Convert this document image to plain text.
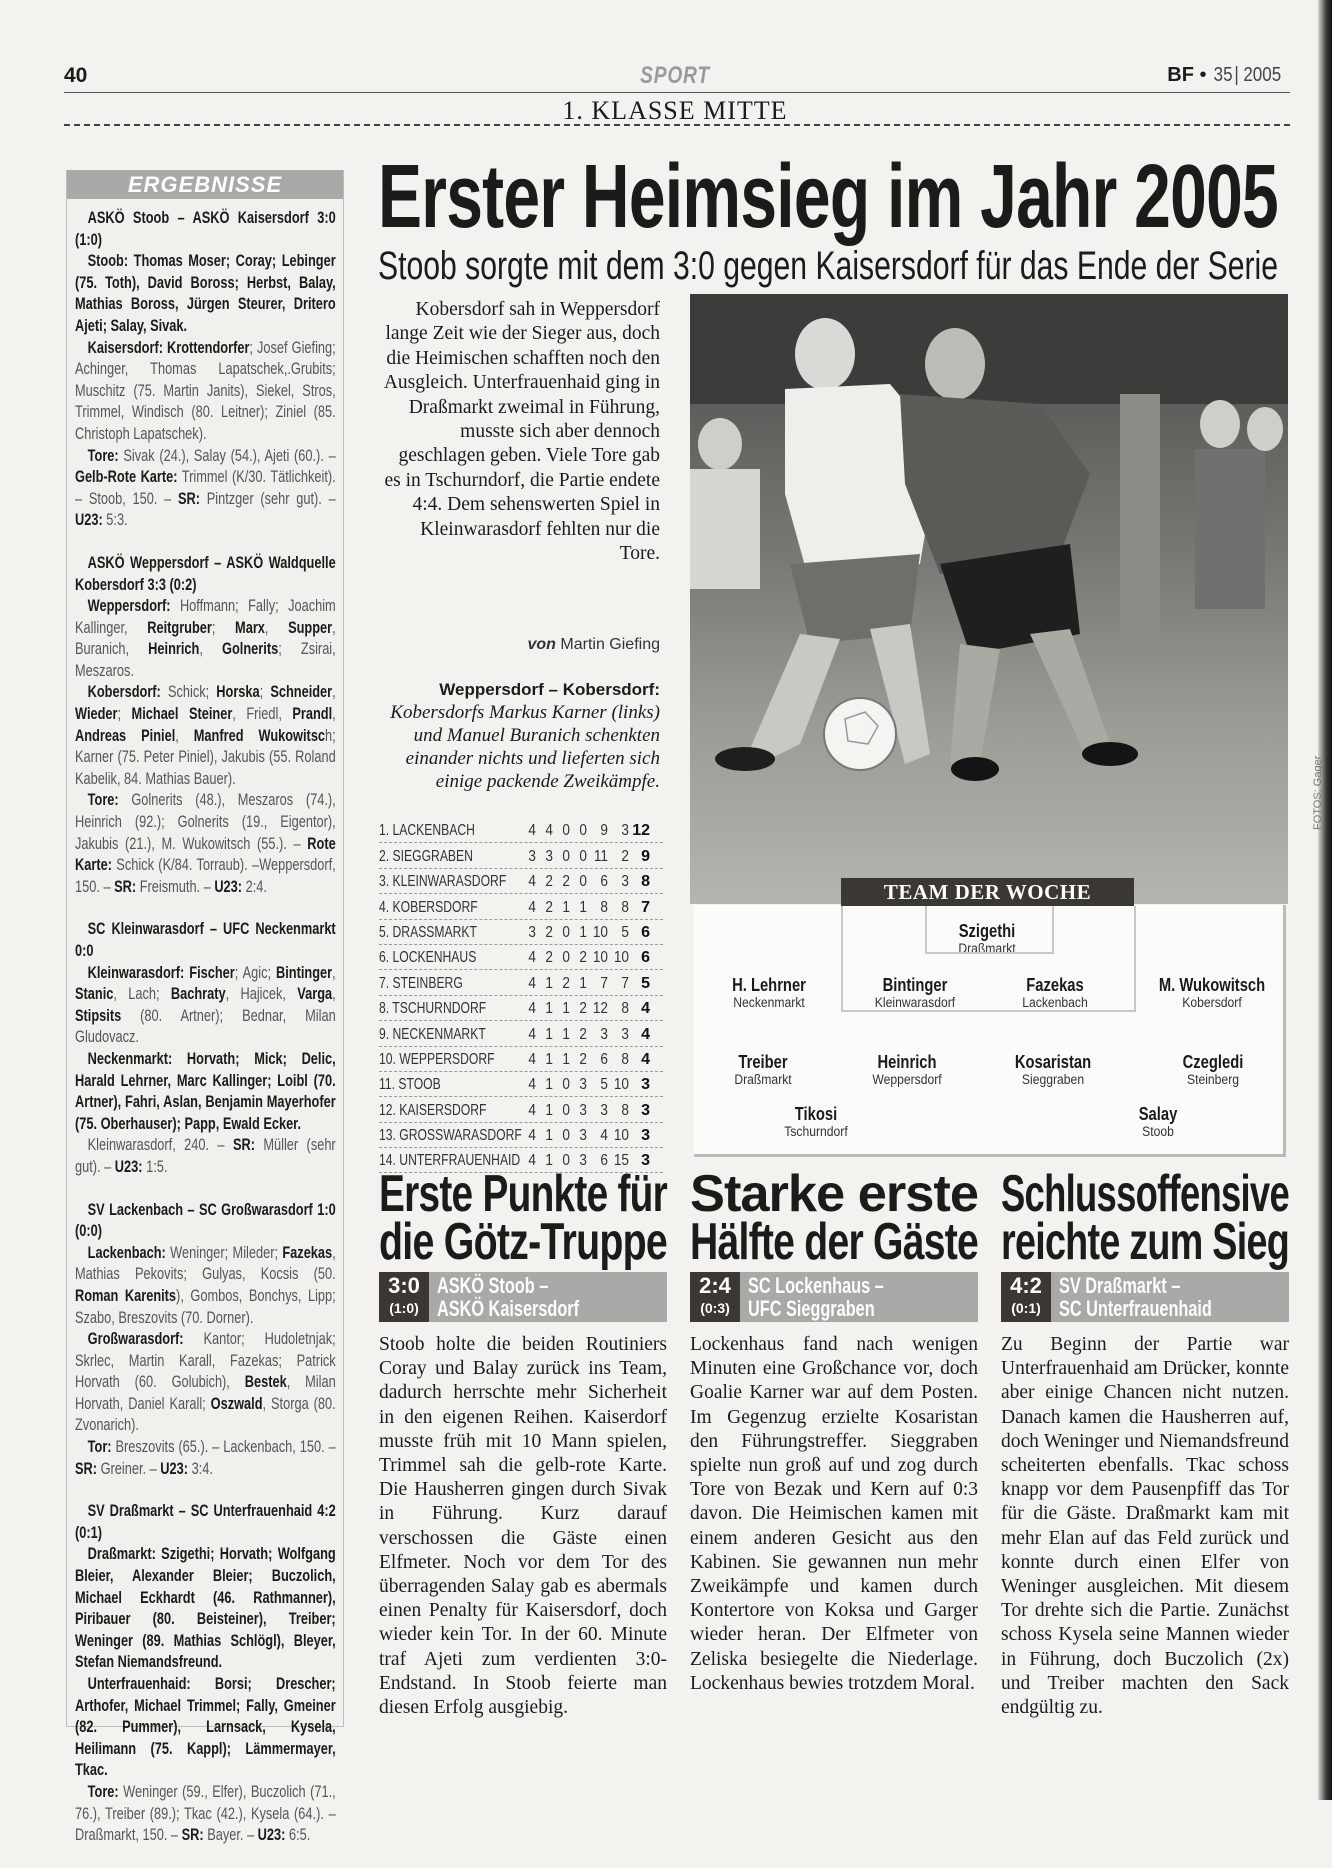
40	SPORT	BF • 35 | 2005
1. KLASSE MITTE
ERGEBNISSE

ASKÖ Stoob – ASKÖ Kaisersdorf 3:0 (1:0)

Stoob: Thomas Moser; Coray; Lebinger (75. Toth), David Boross; Herbst, Balay, Mathias Boross, Jürgen Steurer, Dritero Ajeti; Salay, Sivak.

Kaisersdorf: Krottendorfer; Josef Giefing; Achinger, Thomas Lapatschek,.Grubits; Muschitz (75. Martin Janits), Siekel, Stros, Trimmel, Windisch (80. Leitner); Ziniel (85. Christoph Lapatschek).

Tore: Sivak (24.), Salay (54.), Ajeti (60.). – Gelb-Rote Karte: Trimmel (K/30. Tätlichkeit). – Stoob, 150. – SR: Pintzger (sehr gut). – U23: 5:3.

ASKÖ Weppersdorf – ASKÖ Waldquelle Kobersdorf 3:3 (0:2)

Weppersdorf: Hoffmann; Fally; Joachim Kallinger, Reitgruber; Marx, Supper, Buranich, Heinrich, Golnerits; Zsirai, Meszaros.

Kobersdorf: Schick; Horska; Schneider, Wieder; Michael Steiner, Friedl, Prandl, Andreas Piniel, Manfred Wukowitsch; Karner (75. Peter Piniel), Jakubis (55. Roland Kabelik, 84. Mathias Bauer).

Tore: Golnerits (48.), Meszaros (74.), Heinrich (92.); Golnerits (19., Eigentor), Jakubis (21.), M. Wukowitsch (55.). – Rote Karte: Schick (K/84. Torraub). –Weppersdorf, 150. – SR: Freismuth. – U23: 2:4.

SC Kleinwarasdorf – UFC Neckenmarkt 0:0

Kleinwarasdorf: Fischer; Agic; Bintinger, Stanic, Lach; Bachraty, Hajicek, Varga, Stipsits (80. Artner); Bednar, Milan Gludovacz.

Neckenmarkt: Horvath; Mick; Delic, Harald Lehrner, Marc Kallinger; Loibl (70. Artner), Fahri, Aslan, Benjamin Mayerhofer (75. Oberhauser); Papp, Ewald Ecker.

Kleinwarasdorf, 240. – SR: Müller (sehr gut). – U23: 1:5.

SV Lackenbach – SC Großwarasdorf 1:0 (0:0)

Lackenbach: Weninger; Mileder; Fazekas, Mathias Pekovits; Gulyas, Kocsis (50. Roman Karenits), Gombos, Bonchys, Lipp; Szabo, Breszovits (70. Dorner).

Großwarasdorf: Kantor; Hudoletnjak; Skrlec, Martin Karall, Fazekas; Patrick Horvath (60. Golubich), Bestek, Milan Horvath, Daniel Karall; Oszwald, Storga (80. Zvonarich).

Tor: Breszovits (65.). – Lackenbach, 150. – SR: Greiner. – U23: 3:4.

SV Draßmarkt – SC Unterfrauenhaid 4:2 (0:1)

Draßmarkt: Szigethi; Horvath; Wolfgang Bleier, Alexander Bleier; Buczolich, Michael Eckhardt (46. Rathmanner), Piribauer (80. Beisteiner), Treiber; Weninger (89. Mathias Schlögl), Bleyer, Stefan Niemandsfreund.

Unterfrauenhaid: Borsi; Drescher; Arthofer, Michael Trimmel; Fally, Gmeiner (82. Pummer), Larnsack, Kysela, Heilimann (75. Kappl); Lämmermayer, Tkac.

Tore: Weninger (59., Elfer), Buczolich (71., 76.), Treiber (89.); Tkac (42.), Kysela (64.). – Draßmarkt, 150. – SR: Bayer. – U23: 6:5.

Erster Heimsieg im Jahr 2005
Stoob sorgte mit dem 3:0 gegen Kaisersdorf für das Ende der Serie
Kobersdorf sah in Weppersdorf lange Zeit wie der Sieger aus, doch die Heimischen schafften noch den Ausgleich. Unterfrauenhaid ging in Draßmarkt zweimal in Führung, musste sich aber dennoch geschlagen geben. Viele Tore gab es in Tschurndorf, die Partie endete 4:4. Dem sehenswerten Spiel in Kleinwarasdorf fehlten nur die Tore.
von Martin Giefing
Weppersdorf – Kobersdorf: Kobersdorfs Markus Karner (links) und Manuel Buranich schenkten einander nichts und lieferten sich einige packende Zweikämpfe.
1. LACKENBACH	4 4 0 0 9 3 12
2. SIEGGRABEN	3 3 0 0 11 2 9
3. KLEINWARASDORF	4 2 2 0 6 3 8
4. KOBERSDORF	4 2 1 1 8 8 7
5. DRASSMARKT	3 2 0 1 10 5 6
6. LOCKENHAUS	4 2 0 2 10 10 6
7. STEINBERG	4 1 2 1 7 7 5
8. TSCHURNDORF	4 1 1 2 12 8 4
9. NECKENMARKT	4 1 1 2 3 3 4
10. WEPPERSDORF	4 1 1 2 6 8 4
11. STOOB	4 1 0 3 5 10 3
12. KAISERSDORF	4 1 0 3 3 8 3
13. GROSSWARASDORF 4 1 0 3 4 10 3
14. UNTERFRAUENHAID 4 1 0 3 6 15 3
FOTOS: Gager
Szigethi
Draßmarkt
H. Lehrner
Neckenmarkt
Bintinger
Kleinwarasdorf
Fazekas
Lackenbach
M. Wukowitsch
Kobersdorf
Treiber
Draßmarkt
Heinrich
Weppersdorf
Kosaristan
Sieggraben
Czegledi
Steinberg
Tikosi
Tschurndorf
Salay
Stoob
TEAM DER WOCHE
Erste Punkte für
die Götz-Truppe
3:0
(1:0)
ASKÖ Stoob –
ASKÖ Kaisersdorf
Stoob holte die beiden Routiniers Coray und Balay zurück ins Team, dadurch herrschte mehr Sicherheit in den eigenen Reihen. Kaiserdorf musste früh mit 10 Mann spielen, Trimmel sah die gelb-rote Karte. Die Hausherren gingen durch Sivak in Führung. Kurz darauf verschossen die Gäste einen Elfmeter. Noch vor dem Tor des überragenden Salay gab es abermals einen Penalty für Kaisersdorf, doch wieder kein Tor. In der 60. Minute traf Ajeti zum verdienten 3:0-Endstand. In Stoob feierte man diesen Erfolg ausgiebig.
Starke erste
Hälfte der Gäste
2:4
(0:3)
SC Lockenhaus –
UFC Sieggraben
Lockenhaus fand nach wenigen Minuten eine Großchance vor, doch Goalie Karner war auf dem Posten. Im Gegenzug erzielte Kosaristan den Führungstreffer. Sieggraben spielte nun groß auf und zog durch Tore von Bezak und Kern auf 0:3 davon. Die Heimischen kamen mit einem anderen Gesicht aus den Kabinen. Sie gewannen nun mehr Zweikämpfe und kamen durch Kontertore von Koksa und Garger wieder heran. Der Elfmeter von Zeliska besiegelte die Niederlage. Lockenhaus bewies trotzdem Moral.
Schlussoffensive
reichte zum Sieg
4:2
(0:1)
SV Draßmarkt –
SC Unterfrauenhaid
Zu Beginn der Partie war Unterfrauenhaid am Drücker, konnte aber einige Chancen nicht nutzen. Danach kamen die Hausherren auf, doch Weninger und Niemandsfreund scheiterten ebenfalls. Tkac schoss knapp vor dem Pausenpfiff das Tor für die Gäste. Draßmarkt kam mit mehr Elan auf das Feld zurück und konnte durch einen Elfer von Weninger ausgleichen. Mit diesem Tor drehte sich die Partie. Zunächst schoss Kysela seine Mannen wieder in Führung, doch Buczolich (2x) und Treiber machten den Sack endgültig zu.
